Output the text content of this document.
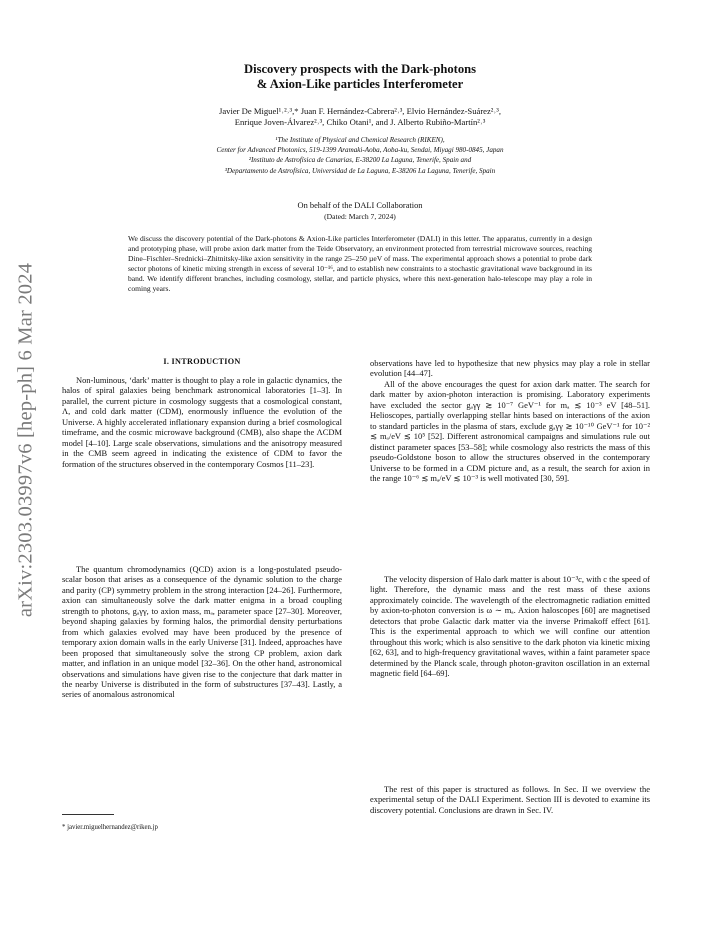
arXiv:2303.03997v6 [hep-ph] 6 Mar 2024
Discovery prospects with the Dark-photons
& Axion-Like particles Interferometer
Javier De Miguel¹˒²˒³,* Juan F. Hernández-Cabrera²˒³, Elvio Hernández-Suárez²˒³,
Enrique Joven-Álvarez²˒³, Chiko Otani¹, and J. Alberto Rubiño-Martín²˒³
¹The Institute of Physical and Chemical Research (RIKEN),
Center for Advanced Photonics, 519-1399 Aramaki-Aoba, Aoba-ku, Sendai, Miyagi 980-0845, Japan
²Instituto de Astrofísica de Canarias, E-38200 La Laguna, Tenerife, Spain and
³Departamento de Astrofísica, Universidad de La Laguna, E-38206 La Laguna, Tenerife, Spain
On behalf of the DALI Collaboration
(Dated: March 7, 2024)
We discuss the discovery potential of the Dark-photons & Axion-Like particles Interferometer (DALI) in this letter. The apparatus, currently in a design and prototyping phase, will probe axion dark matter from the Teide Observatory, an environment protected from terrestrial microwave sources, reaching Dine–Fischler–Srednicki–Zhitnitsky-like axion sensitivity in the range 25–250 µeV of mass. The experimental approach shows a potential to probe dark sector photons of kinetic mixing strength in excess of several 10⁻¹⁶, and to establish new constraints to a stochastic gravitational wave background in its band. We identify different branches, including cosmology, stellar, and particle physics, where this next-generation halo-telescope may play a role in coming years.
I. INTRODUCTION
Non-luminous, ‘dark’ matter is thought to play a role in galactic dynamics, the halos of spiral galaxies being benchmark astronomical laboratories [1–3]. In parallel, the current picture in cosmology suggests that a cosmological constant, Λ, and cold dark matter (CDM), enormously influence the evolution of the Universe. A highly accelerated inflationary expansion during a brief cosmological timeframe, and the cosmic microwave background (CMB), also shape the ΛCDM model [4–10]. Large scale observations, simulations and the anisotropy measured in the CMB seem agreed in indicating the existence of CDM to favor the formation of the structures observed in the contemporary Cosmos [11–23].
The quantum chromodynamics (QCD) axion is a long-postulated pseudo-scalar boson that arises as a consequence of the dynamic solution to the charge and parity (CP) symmetry problem in the strong interaction [24–26]. Furthermore, axion can simultaneously solve the dark matter enigma in a broad coupling strength to photons, gₐγγ, to axion mass, mₐ, parameter space [27–30]. Moreover, beyond shaping galaxies by forming halos, the primordial density perturbations from which galaxies evolved may have been produced by the presence of temporary axion domain walls in the early Universe [31]. Indeed, approaches have been proposed that simultaneously solve the strong CP problem, axion dark matter, and inflation in an unique model [32–36]. On the other hand, astronomical observations and simulations have given rise to the conjecture that dark matter in the nearby Universe is distributed in the form of substructures [37–43]. Lastly, a series of anomalous astronomical
observations have led to hypothesize that new physics may play a role in stellar evolution [44–47].
All of the above encourages the quest for axion dark matter. The search for dark matter by axion-photon interaction is promising. Laboratory experiments have excluded the sector gₐγγ ≳ 10⁻⁷ GeV⁻¹ for mₐ ≲ 10⁻³ eV [48–51]. Helioscopes, partially overlapping stellar hints based on interactions of the axion to standard particles in the plasma of stars, exclude gₐγγ ≳ 10⁻¹⁰ GeV⁻¹ for 10⁻² ≲ mₐ/eV ≲ 10⁵ [52]. Different astronomical campaigns and simulations rule out distinct parameter spaces [53–58]; while cosmology also restricts the mass of this pseudo-Goldstone boson to allow the structures observed in the contemporary Universe to be formed in a CDM picture and, as a result, the search for axion in the range 10⁻⁶ ≲ mₐ/eV ≲ 10⁻³ is well motivated [30, 59].
The velocity dispersion of Halo dark matter is about 10⁻³c, with c the speed of light. Therefore, the dynamic mass and the rest mass of these axions approximately coincide. The wavelength of the electromagnetic radiation emitted by axion-to-photon conversion is ω ∼ mₐ. Axion haloscopes [60] are magnetised detectors that probe Galactic dark matter via the inverse Primakoff effect [61]. This is the experimental approach to which we will confine our attention throughout this work; which is also sensitive to the dark photon via kinetic mixing [62, 63], and to high-frequency gravitational waves, within a faint parameter space determined by the Planck scale, through photon-graviton oscillation in an external magnetic field [64–69].
The rest of this paper is structured as follows. In Sec. II we overview the experimental setup of the DALI Experiment. Section III is devoted to examine its discovery potential. Conclusions are drawn in Sec. IV.
* javier.miguelhernandez@riken.jp
